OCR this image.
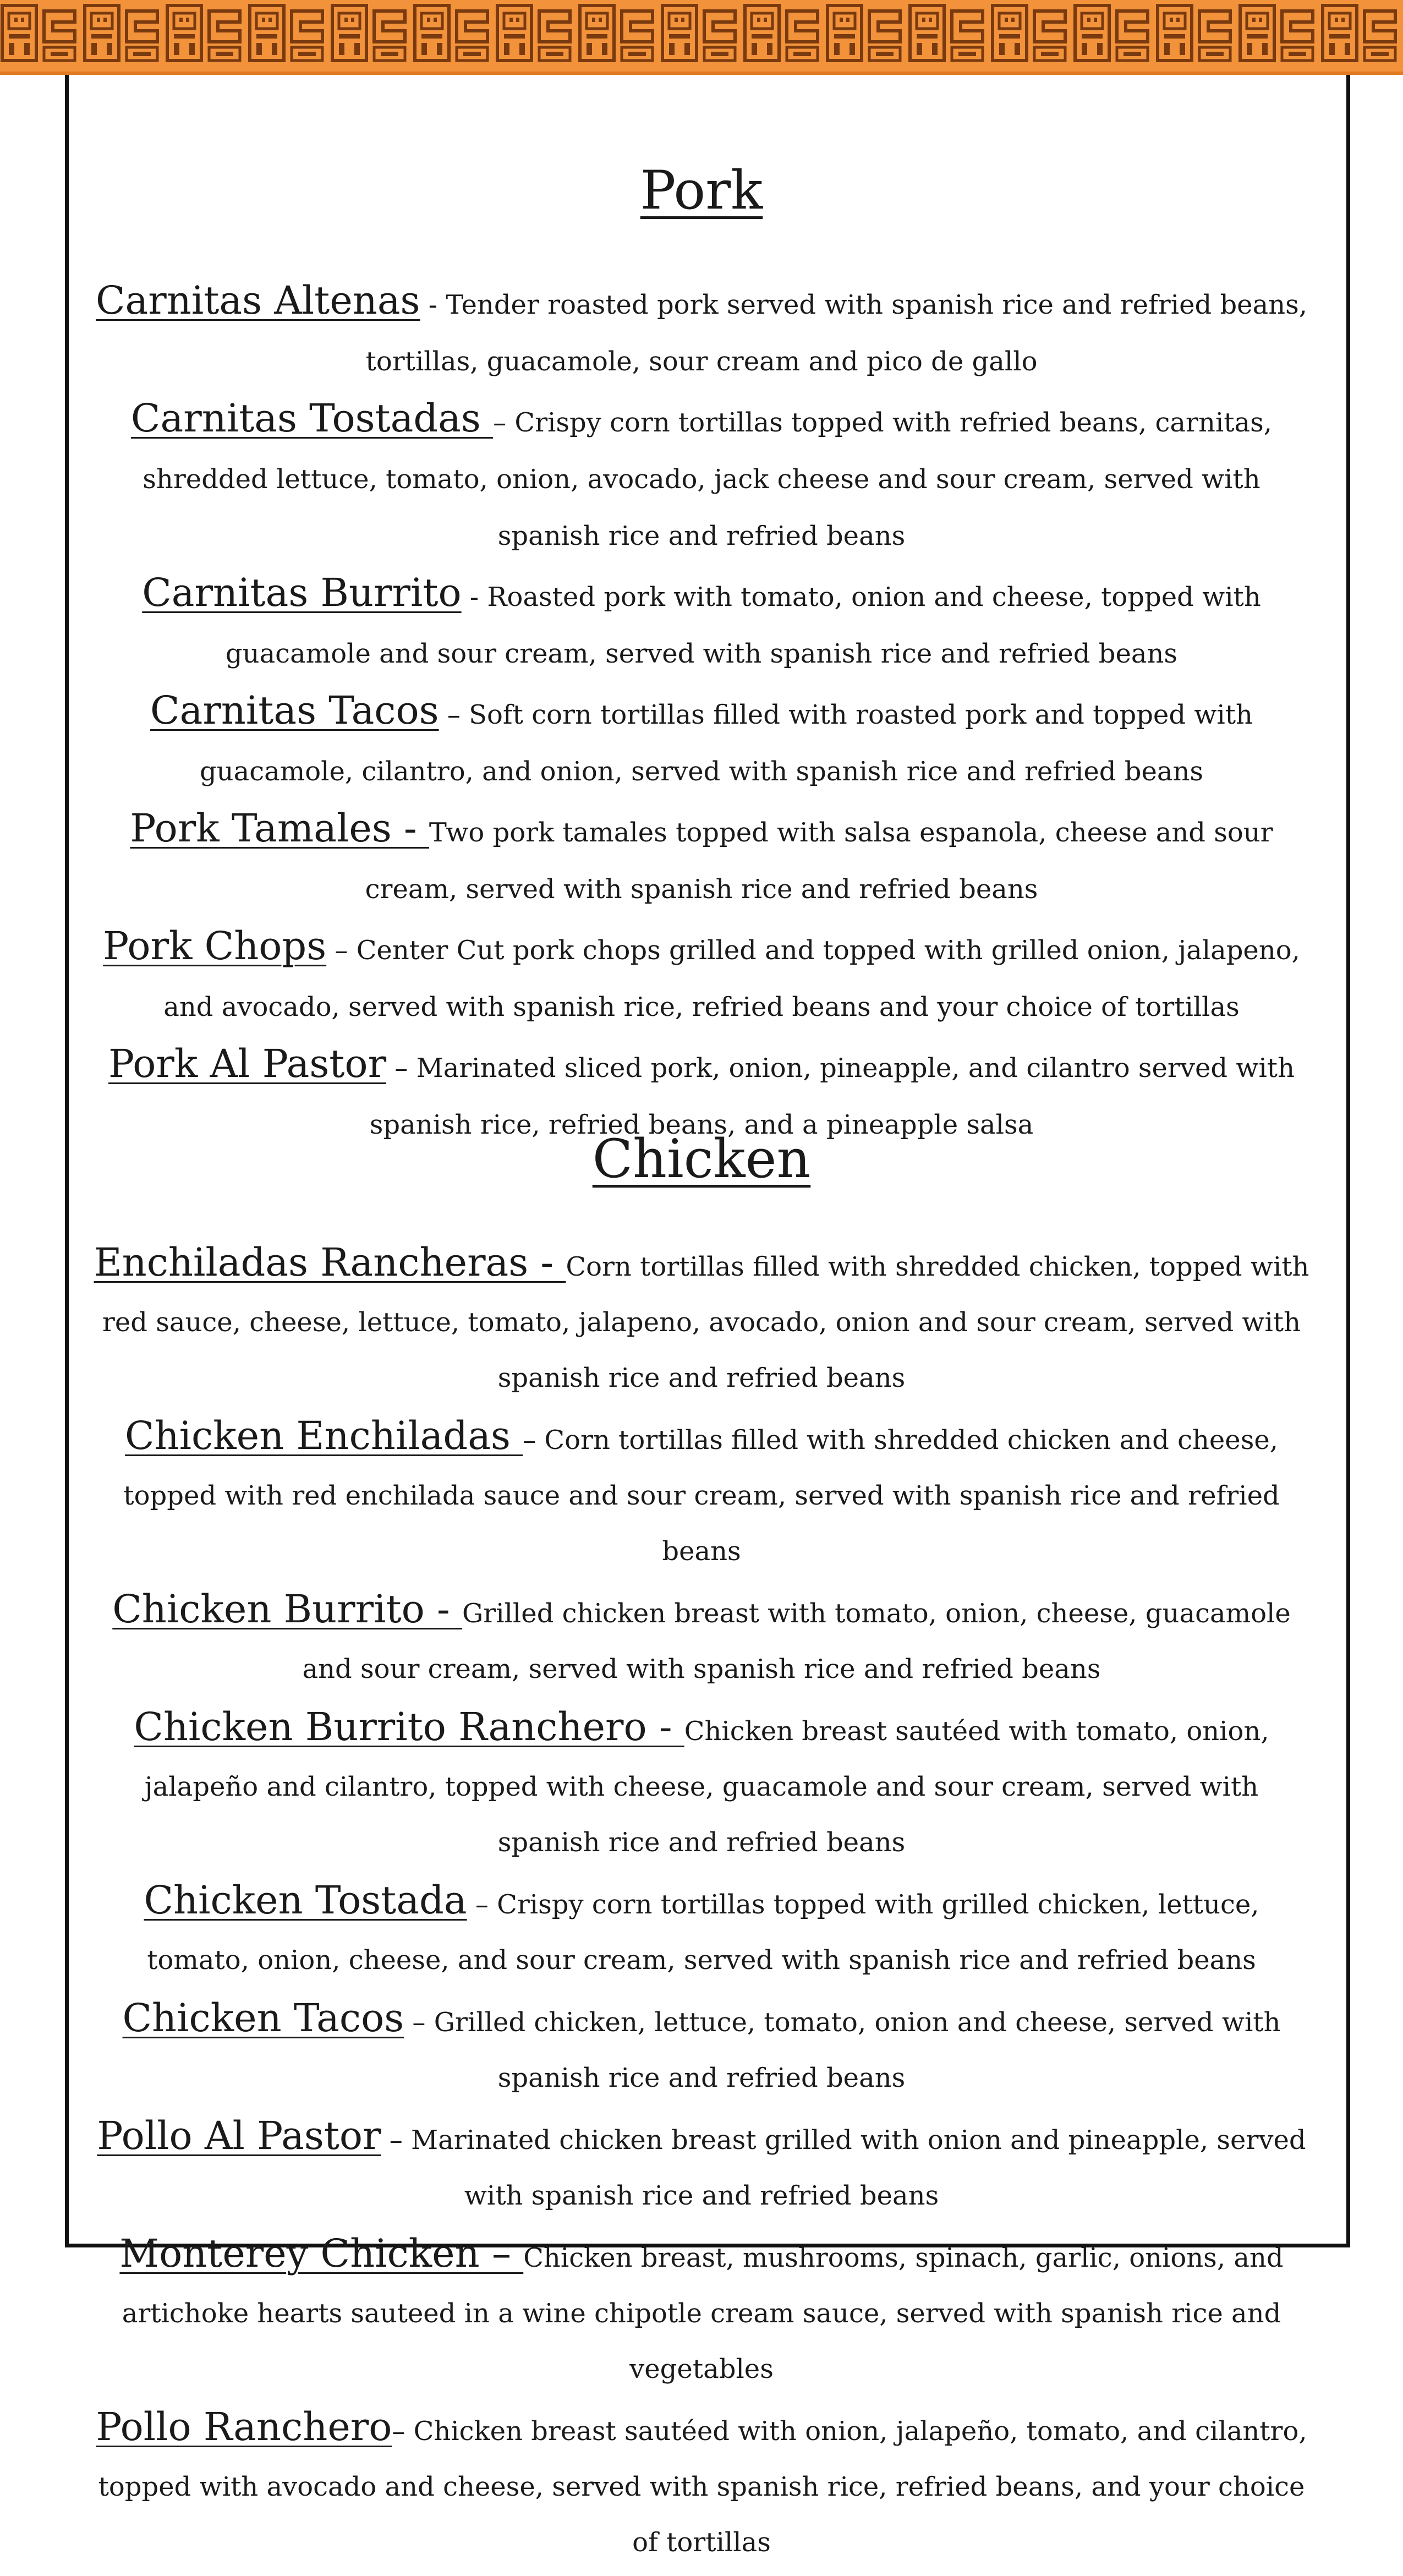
Pork

Carnitas Altenas - Tender roasted pork served with spanish rice and refried beans, tortillas, guacamole, sour cream and pico de gallo

Carnitas Tostadas – Crispy corn tortillas topped with refried beans, carnitas, shredded lettuce, tomato, onion, avocado, jack cheese and sour cream, served with spanish rice and refried beans

Carnitas Burrito - Roasted pork with tomato, onion and cheese, topped with guacamole and sour cream, served with spanish rice and refried beans

Carnitas Tacos – Soft corn tortillas filled with roasted pork and topped with guacamole, cilantro, and onion, served with spanish rice and refried beans

Pork Tamales - Two pork tamales topped with salsa espanola, cheese and sour cream, served with spanish rice and refried beans

Pork Chops – Center Cut pork chops grilled and topped with grilled onion, jalapeno, and avocado, served with spanish rice, refried beans and your choice of tortillas

Pork Al Pastor – Marinated sliced pork, onion, pineapple, and cilantro served with spanish rice, refried beans, and a pineapple salsa

Chicken

Enchiladas Rancheras - Corn tortillas filled with shredded chicken, topped with red sauce, cheese, lettuce, tomato, jalapeno, avocado, onion and sour cream, served with spanish rice and refried beans

Chicken Enchiladas – Corn tortillas filled with shredded chicken and cheese, topped with red enchilada sauce and sour cream, served with spanish rice and refried beans

Chicken Burrito - Grilled chicken breast with tomato, onion, cheese, guacamole and sour cream, served with spanish rice and refried beans

Chicken Burrito Ranchero - Chicken breast sautéed with tomato, onion, jalapeño and cilantro, topped with cheese, guacamole and sour cream, served with spanish rice and refried beans

Chicken Tostada – Crispy corn tortillas topped with grilled chicken, lettuce, tomato, onion, cheese, and sour cream, served with spanish rice and refried beans

Chicken Tacos – Grilled chicken, lettuce, tomato, onion and cheese, served with spanish rice and refried beans

Pollo Al Pastor – Marinated chicken breast grilled with onion and pineapple, served with spanish rice and refried beans

Monterey Chicken – Chicken breast, mushrooms, spinach, garlic, onions, and artichoke hearts sauteed in a wine chipotle cream sauce, served with spanish rice and vegetables

Pollo Ranchero– Chicken breast sautéed with onion, jalapeño, tomato, and cilantro, topped with avocado and cheese, served with spanish rice, refried beans, and your choice of tortillas
